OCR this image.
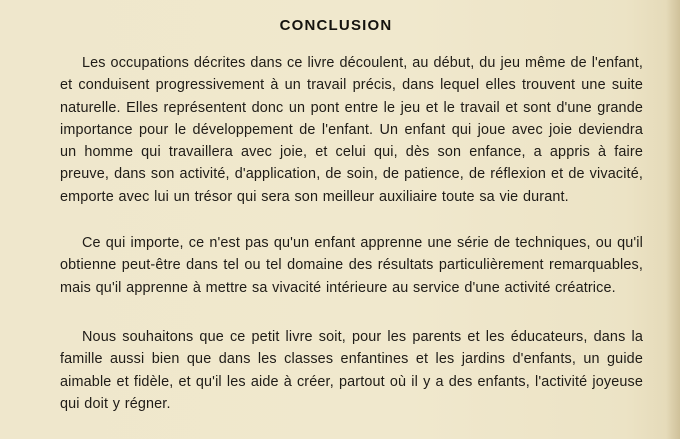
CONCLUSION

Les occupations décrites dans ce livre découlent, au début, du jeu même de l'enfant, et conduisent progressivement à un travail précis, dans lequel elles trouvent une suite naturelle. Elles représentent donc un pont entre le jeu et le travail et sont d'une grande importance pour le développement de l'enfant. Un enfant qui joue avec joie deviendra un homme qui travaillera avec joie, et celui qui, dès son enfance, a appris à faire preuve, dans son activité, d'application, de soin, de patience, de réflexion et de vivacité, emporte avec lui un trésor qui sera son meilleur auxiliaire toute sa vie durant.

Ce qui importe, ce n'est pas qu'un enfant apprenne une série de techniques, ou qu'il obtienne peut-être dans tel ou tel domaine des résultats particulièrement remarquables, mais qu'il apprenne à mettre sa vivacité intérieure au service d'une activité créatrice.

Nous souhaitons que ce petit livre soit, pour les parents et les éducateurs, dans la famille aussi bien que dans les classes enfantines et les jardins d'enfants, un guide aimable et fidèle, et qu'il les aide à créer, partout où il y a des enfants, l'activité joyeuse qui doit y régner.
